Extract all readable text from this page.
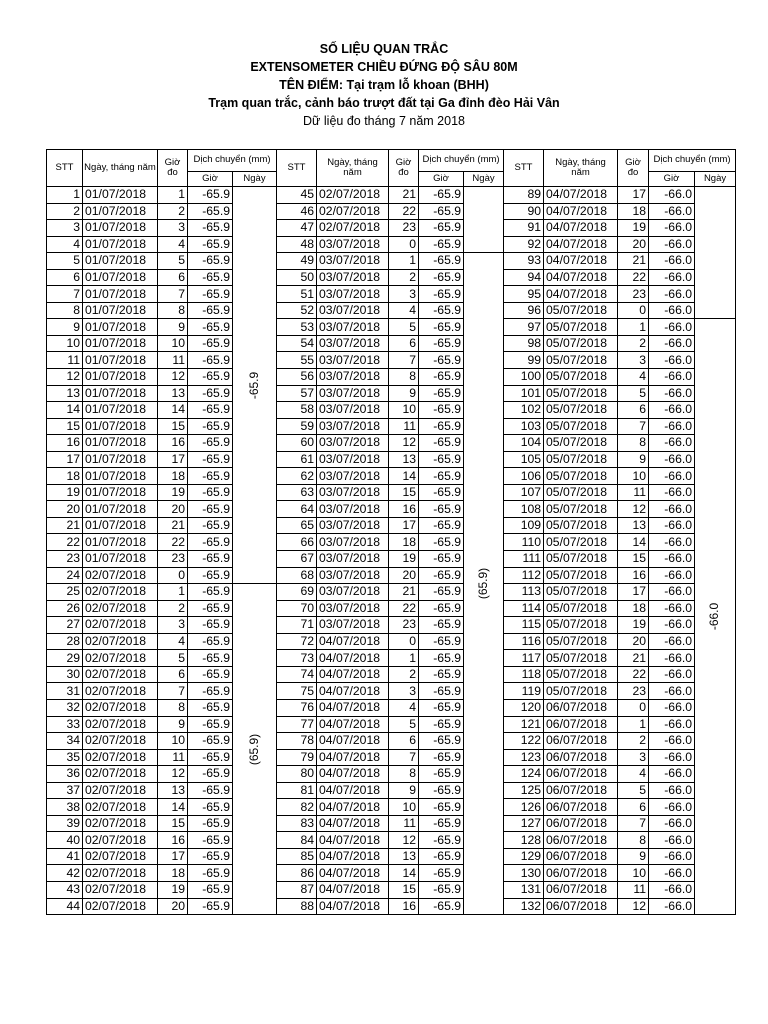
SỐ LIỆU QUAN TRẮC
EXTENSOMETER CHIỀU ĐỨNG ĐỘ SÂU 80M
TÊN ĐIỂM: Tại trạm lỗ khoan (BHH)
Trạm quan trắc, cảnh báo trượt đất tại Ga đỉnh đèo Hải Vân
Dữ liệu đo tháng 7 năm 2018
STT	Ngày, tháng năm	Giờ đo	Dịch chuyển (mm)		STT	Ngày, tháng năm	Giờ đo	Dịch chuyển (mm)		STT	Ngày, tháng năm	Giờ đo	Dịch chuyển (mm)	
			Giờ	Ngày				Giờ	Ngày				Giờ	Ngày
1	01/07/2018	1	-65.9	-65.9	45	02/07/2018	21	-65.9		89	04/07/2018	17	-66.0	
2	01/07/2018	2	-65.9		46	02/07/2018	22	-65.9		90	04/07/2018	18	-66.0	
3	01/07/2018	3	-65.9		47	02/07/2018	23	-65.9		91	04/07/2018	19	-66.0	
4	01/07/2018	4	-65.9		48	03/07/2018	0	-65.9		92	04/07/2018	20	-66.0	
5	01/07/2018	5	-65.9		49	03/07/2018	1	-65.9	(65.9)	93	04/07/2018	21	-66.0	
6	01/07/2018	6	-65.9		50	03/07/2018	2	-65.9		94	04/07/2018	22	-66.0	
7	01/07/2018	7	-65.9		51	03/07/2018	3	-65.9		95	04/07/2018	23	-66.0	
8	01/07/2018	8	-65.9		52	03/07/2018	4	-65.9		96	05/07/2018	0	-66.0	
9	01/07/2018	9	-65.9		53	03/07/2018	5	-65.9		97	05/07/2018	1	-66.0	-66.0
10	01/07/2018	10	-65.9		54	03/07/2018	6	-65.9		98	05/07/2018	2	-66.0	
11	01/07/2018	11	-65.9		55	03/07/2018	7	-65.9		99	05/07/2018	3	-66.0	
12	01/07/2018	12	-65.9		56	03/07/2018	8	-65.9		100	05/07/2018	4	-66.0	
13	01/07/2018	13	-65.9		57	03/07/2018	9	-65.9		101	05/07/2018	5	-66.0	
14	01/07/2018	14	-65.9		58	03/07/2018	10	-65.9		102	05/07/2018	6	-66.0	
15	01/07/2018	15	-65.9		59	03/07/2018	11	-65.9		103	05/07/2018	7	-66.0	
16	01/07/2018	16	-65.9		60	03/07/2018	12	-65.9		104	05/07/2018	8	-66.0	
17	01/07/2018	17	-65.9		61	03/07/2018	13	-65.9		105	05/07/2018	9	-66.0	
18	01/07/2018	18	-65.9		62	03/07/2018	14	-65.9		106	05/07/2018	10	-66.0	
19	01/07/2018	19	-65.9		63	03/07/2018	15	-65.9		107	05/07/2018	11	-66.0	
20	01/07/2018	20	-65.9		64	03/07/2018	16	-65.9		108	05/07/2018	12	-66.0	
21	01/07/2018	21	-65.9		65	03/07/2018	17	-65.9		109	05/07/2018	13	-66.0	
22	01/07/2018	22	-65.9		66	03/07/2018	18	-65.9		110	05/07/2018	14	-66.0	
23	01/07/2018	23	-65.9		67	03/07/2018	19	-65.9		111	05/07/2018	15	-66.0	
24	02/07/2018	0	-65.9		68	03/07/2018	20	-65.9		112	05/07/2018	16	-66.0	
25	02/07/2018	1	-65.9	(65.9)	69	03/07/2018	21	-65.9		113	05/07/2018	17	-66.0	
26	02/07/2018	2	-65.9		70	03/07/2018	22	-65.9		114	05/07/2018	18	-66.0	
27	02/07/2018	3	-65.9		71	03/07/2018	23	-65.9		115	05/07/2018	19	-66.0	
28	02/07/2018	4	-65.9		72	04/07/2018	0	-65.9		116	05/07/2018	20	-66.0	
29	02/07/2018	5	-65.9		73	04/07/2018	1	-65.9		117	05/07/2018	21	-66.0	
30	02/07/2018	6	-65.9		74	04/07/2018	2	-65.9		118	05/07/2018	22	-66.0	
31	02/07/2018	7	-65.9		75	04/07/2018	3	-65.9		119	05/07/2018	23	-66.0	
32	02/07/2018	8	-65.9		76	04/07/2018	4	-65.9		120	06/07/2018	0	-66.0	
33	02/07/2018	9	-65.9		77	04/07/2018	5	-65.9		121	06/07/2018	1	-66.0	
34	02/07/2018	10	-65.9		78	04/07/2018	6	-65.9		122	06/07/2018	2	-66.0	
35	02/07/2018	11	-65.9		79	04/07/2018	7	-65.9		123	06/07/2018	3	-66.0	
36	02/07/2018	12	-65.9		80	04/07/2018	8	-65.9		124	06/07/2018	4	-66.0	
37	02/07/2018	13	-65.9		81	04/07/2018	9	-65.9		125	06/07/2018	5	-66.0	
38	02/07/2018	14	-65.9		82	04/07/2018	10	-65.9		126	06/07/2018	6	-66.0	
39	02/07/2018	15	-65.9		83	04/07/2018	11	-65.9		127	06/07/2018	7	-66.0	
40	02/07/2018	16	-65.9		84	04/07/2018	12	-65.9		128	06/07/2018	8	-66.0	
41	02/07/2018	17	-65.9		85	04/07/2018	13	-65.9		129	06/07/2018	9	-66.0	
42	02/07/2018	18	-65.9		86	04/07/2018	14	-65.9		130	06/07/2018	10	-66.0	
43	02/07/2018	19	-65.9		87	04/07/2018	15	-65.9		131	06/07/2018	11	-66.0	
44	02/07/2018	20	-65.9		88	04/07/2018	16	-65.9		132	06/07/2018	12	-66.0	
